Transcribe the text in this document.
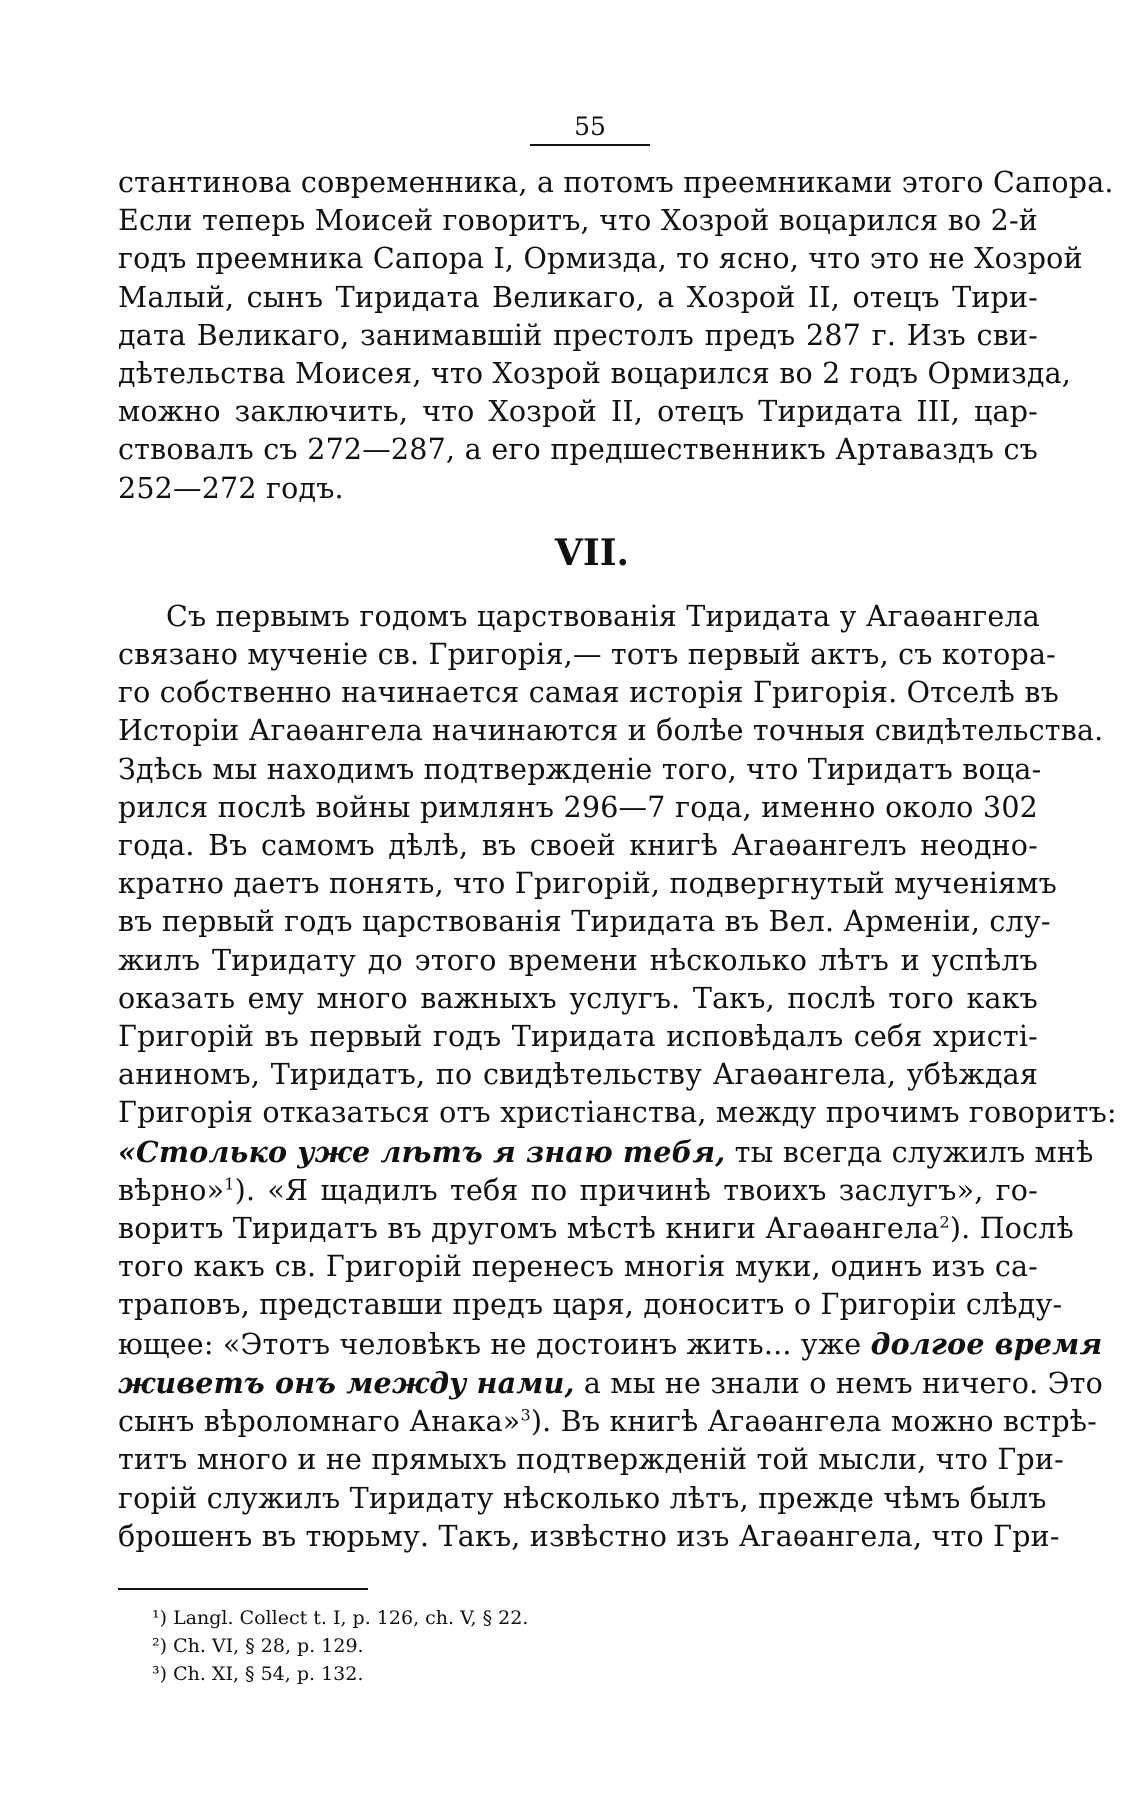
55
стантинова современника, а потомъ преемниками этого Сапора.
Если теперь Моисей говоритъ, что Хозрой воцарился во 2-й
годъ преемника Сапора I, Ормизда, то ясно, что это не Хозрой
Малый, сынъ Тиридата Великаго, а Хозрой II, отецъ Тири-
дата Великаго, занимавшій престолъ предъ 287 г. Изъ сви-
дѣтельства Моисея, что Хозрой воцарился во 2 годъ Ормизда,
можно заключить, что Хозрой II, отецъ Тиридата III, цар-
ствовалъ съ 272—287, а его предшественникъ Артаваздъ съ
252—272 годъ.
VII.
Съ первымъ годомъ царствованія Тиридата у Агаѳангела
связано мученіе св. Григорія,— тотъ первый актъ, съ котора-
го собственно начинается самая исторія Григорія. Отселѣ въ
Исторіи Агаѳангела начинаются и болѣе точныя свидѣтельства.
Здѣсь мы находимъ подтвержденіе того, что Тиридатъ воца-
рился послѣ войны римлянъ 296—7 года, именно около 302
года. Въ самомъ дѣлѣ, въ своей книгѣ Агаѳангелъ неодно-
кратно даетъ понять, что Григорій, подвергнутый мученіямъ
въ первый годъ царствованія Тиридата въ Вел. Арменіи, слу-
жилъ Тиридату до этого времени нѣсколько лѣтъ и успѣлъ
оказать ему много важныхъ услугъ. Такъ, послѣ того какъ
Григорій въ первый годъ Тиридата исповѣдалъ себя христі-
аниномъ, Тиридатъ, по свидѣтельству Агаѳангела, убѣждая
Григорія отказаться отъ христіанства, между прочимъ говоритъ:
«Столько уже лѣтъ я знаю тебя, ты всегда служилъ мнѣ
вѣрно»$^1$). «Я щадилъ тебя по причинѣ твоихъ заслугъ», го-
воритъ Тиридатъ въ другомъ мѣстѣ книги Агаѳангела$^2$). Послѣ
того какъ св. Григорій перенесъ многія муки, одинъ изъ са-
траповъ, представши предъ царя, доноситъ о Григоріи слѣду-
ющее: «Этотъ человѣкъ не достоинъ жить... уже долгое время
живетъ онъ между нами, а мы не знали о немъ ничего. Это
сынъ вѣроломнаго Анака»$^3$). Въ книгѣ Агаѳангела можно встрѣ-
титъ много и не прямыхъ подтвержденій той мысли, что Гри-
горій служилъ Тиридату нѣсколько лѣтъ, прежде чѣмъ былъ
брошенъ въ тюрьму. Такъ, извѣстно изъ Агаѳангела, что Гри-
¹) Langl. Collect t. I, p. 126, ch. V, § 22.
²) Ch. VI, § 28, p. 129.
³) Ch. XI, § 54, p. 132.
